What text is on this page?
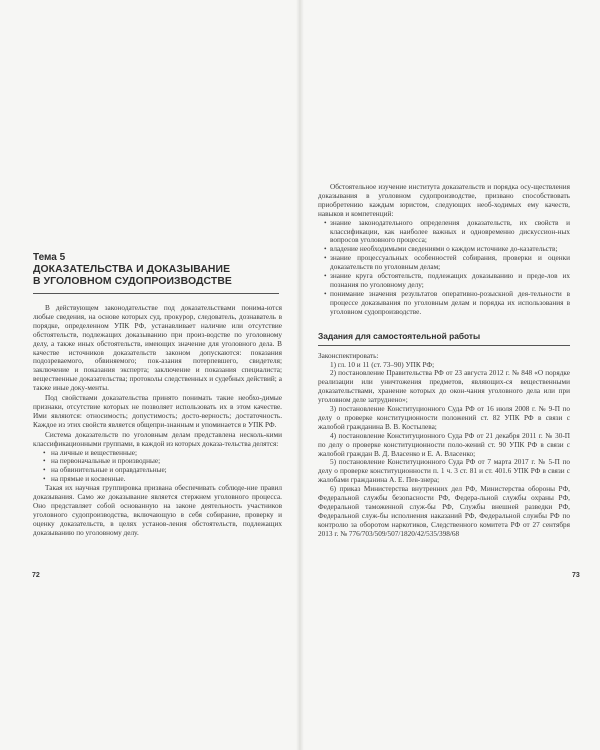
Тема 5
ДОКАЗАТЕЛЬСТВА И ДОКАЗЫВАНИЕ
В УГОЛОВНОМ СУДОПРОИЗВОДСТВЕ

В действующем законодательстве под доказательствами понима-ются любые сведения, на основе которых суд, прокурор, следователь, дознаватель в порядке, определенном УПК РФ, устанавливает наличие или отсутствие обстоятельств, подлежащих доказыванию при произ-водстве по уголовному делу, а также иных обстоятельств, имеющих значение для уголовного дела. В качестве источников доказательств законом допускаются: показания подозреваемого, обвиняемого; пок-азания потерпевшего, свидетеля; заключение и показания эксперта; заключение и показания специалиста; вещественные доказательства; протоколы следственных и судебных действий; а также иные доку-менты.

Под свойствами доказательства принято понимать такие необхо-димые признаки, отсутствие которых не позволяет использовать их в этом качестве. Ими являются: относимость; допустимость; досто-верность; достаточность. Каждое из этих свойств является общепри-знанным и упоминается в УПК РФ.

Система доказательств по уголовным делам представлена несколь-кими классификационными группами, в каждой из которых доказа-тельства делятся:

• на личные и вещественные;
• на первоначальные и производные;
• на обвинительные и оправдательные;
• на прямые и косвенные.

Такая их научная группировка призвана обеспечивать соблюде-ние правил доказывания. Само же доказывание является стержнем уголовного процесса. Оно представляет собой основанную на законе деятельность участников уголовного судопроизводства, включающую в себя собирание, проверку и оценку доказательств, в целях установ-ления обстоятельств, подлежащих доказыванию по уголовному делу.

72

Обстоятельное изучение института доказательств и порядка осу-ществления доказывания в уголовном судопроизводстве, призвано способствовать приобретению каждым юристом, следующих необ-ходимых ему качеств, навыков и компетенций:

• знание законодательного определения доказательств, их свойств и классификации, как наиболее важных и одновременно дискуссион-ных вопросов уголовного процесса;
• владение необходимыми сведениями о каждом источнике до-казательств;
• знание процессуальных особенностей собирания, проверки и оценки доказательств по уголовным делам;
• знание круга обстоятельств, подлежащих доказыванию и преде-лов их познания по уголовному делу;
• понимание значения результатов оперативно-розыскной дея-тельности в процессе доказывания по уголовным делам и порядка их использования в уголовном судопроизводстве.
Задания для самостоятельной работы

Законспектировать:

1) гл. 10 и 11 (ст. 73–90) УПК РФ;
2) постановление Правительства РФ от 23 августа 2012 г. № 848 «О порядке реализации или уничтожения предметов, являющих-ся вещественными доказательствами, хранение которых до окон-чания уголовного дела или при уголовном деле затруднено»;
3) постановление Конституционного Суда РФ от 16 июля 2008 г. № 9-П по делу о проверке конституционности положений ст. 82 УПК РФ в связи с жалобой гражданина В. В. Костылева;
4) постановление Конституционного Суда РФ от 21 декабря 2011 г. № 30-П по делу о проверке конституционности поло-жений ст. 90 УПК РФ в связи с жалобой граждан В. Д. Власенко и Е. А. Власенко;
5) постановление Конституционного Суда РФ от 7 марта 2017 г. № 5-П по делу о проверке конституционности п. 1 ч. 3 ст. 81 и ст. 401.6 УПК РФ в связи с жалобами гражданина А. Е. Пев-знера;
6) приказ Министерства внутренних дел РФ, Министерства обороны РФ, Федеральной службы безопасности РФ, Федера-льной службы охраны РФ, Федеральной таможенной служ-бы РФ, Службы внешней разведки РФ, Федеральной служ-бы исполнения наказаний РФ, Федеральной службы РФ по контролю за оборотом наркотиков, Следственного комитета РФ от 27 сентября 2013 г. № 776/703/509/507/1820/42/535/398/68
73
